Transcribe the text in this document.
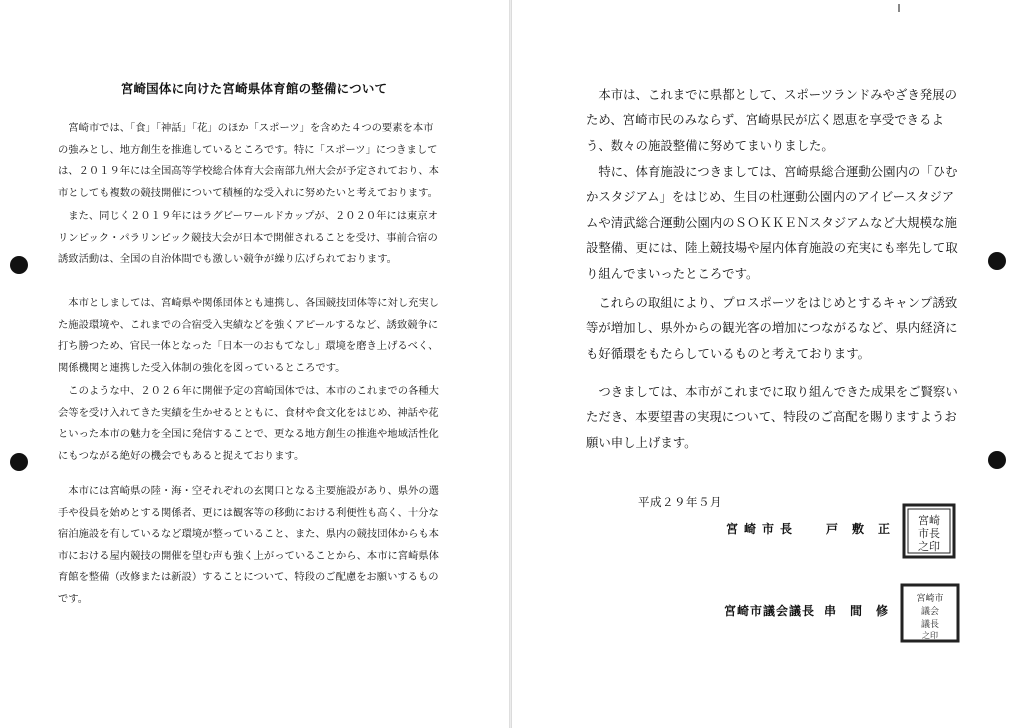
宮崎国体に向けた宮崎県体育館の整備について

　宮崎市では、「食」「神話」「花」のほか「スポーツ」を含めた４つの要素を本市の強みとし、地方創生を推進しているところです。特に「スポーツ」につきましては、２０１９年には全国高等学校総合体育大会南部九州大会が予定されており、本市としても複数の競技開催について積極的な受入れに努めたいと考えております。

　また、同じく２０１９年にはラグビーワールドカップが、２０２０年には東京オリンピック・パラリンピック競技大会が日本で開催されることを受け、事前合宿の誘致活動は、全国の自治体間でも激しい競争が繰り広げられております。

　本市としましては、宮崎県や関係団体とも連携し、各国競技団体等に対し充実した施設環境や、これまでの合宿受入実績などを強くアピールするなど、誘致競争に打ち勝つため、官民一体となった「日本一のおもてなし」環境を磨き上げるべく、関係機関と連携した受入体制の強化を図っているところです。

　このような中、２０２６年に開催予定の宮崎国体では、本市のこれまでの各種大会等を受け入れてきた実績を生かせるとともに、食材や食文化をはじめ、神話や花といった本市の魅力を全国に発信することで、更なる地方創生の推進や地域活性化にもつながる絶好の機会でもあると捉えております。

　本市には宮崎県の陸・海・空それぞれの玄関口となる主要施設があり、県外の選手や役員を始めとする関係者、更には観客等の移動における利便性も高く、十分な宿泊施設を有しているなど環境が整っていること、また、県内の競技団体からも本市における屋内競技の開催を望む声も強く上がっていることから、本市に宮崎県体育館を整備（改修または新設）することについて、特段のご配慮をお願いするものです。

　本市は、これまでに県都として、スポーツランドみやざき発展のため、宮崎市民のみならず、宮崎県民が広く恩恵を享受できるよう、数々の施設整備に努めてまいりました。

　特に、体育施設につきましては、宮崎県総合運動公園内の「ひむかスタジアム」をはじめ、生目の杜運動公園内のアイビースタジアムや清武総合運動公園内のＳＯＫＫＥＮスタジアムなど大規模な施設整備、更には、陸上競技場や屋内体育施設の充実にも率先して取り組んでまいったところです。

　これらの取組により、プロスポーツをはじめとするキャンプ誘致等が増加し、県外からの観光客の増加につながるなど、県内経済にも好循環をもたらしているものと考えております。

　つきましては、本市がこれまでに取り組んできた成果をご賢察いただき、本要望書の実現について、特段のご高配を賜りますようお願い申し上げます。

平成２９年５月
宮崎市長 戸敷正
宮崎
市長
之印
宮崎市議会議長 串間修
宮崎市
議会
議長
之印
